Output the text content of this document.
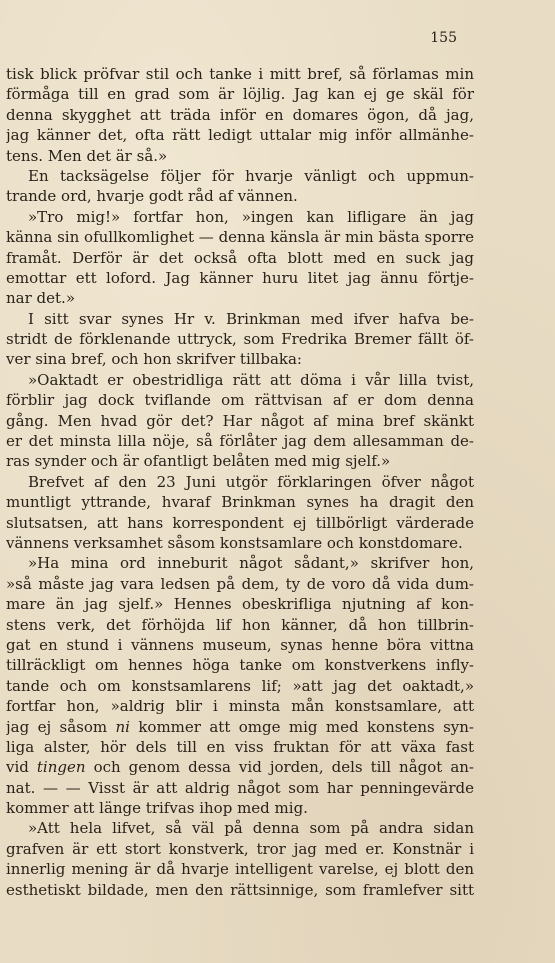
155
tisk blick pröfvar stil och tanke i mitt bref, så förlamas min
förmåga till en grad som är löjlig. Jag kan ej ge skäl för
denna skygghet att träda inför en domares ögon, då jag,
jag känner det, ofta rätt ledigt uttalar mig inför allmänhe-
tens. Men det är så.»
En tacksägelse följer för hvarje vänligt och uppmun-
trande ord, hvarje godt råd af vännen.
»Tro mig!» fortfar hon, »ingen kan lifligare än jag
känna sin ofullkomlighet — denna känsla är min bästa sporre
framåt. Derför är det också ofta blott med en suck jag
emottar ett loford. Jag känner huru litet jag ännu förtje-
nar det.»
I sitt svar synes Hr v. Brinkman med ifver hafva be-
stridt de förklenande uttryck, som Fredrika Bremer fällt öf-
ver sina bref, och hon skrifver tillbaka:
»Oaktadt er obestridliga rätt att döma i vår lilla tvist,
förblir jag dock tviflande om rättvisan af er dom denna
gång. Men hvad gör det? Har något af mina bref skänkt
er det minsta lilla nöje, så förlåter jag dem allesamman de-
ras synder och är ofantligt belåten med mig sjelf.»
Brefvet af den 23 Juni utgör förklaringen öfver något
muntligt yttrande, hvaraf Brinkman synes ha dragit den
slutsatsen, att hans korrespondent ej tillbörligt värderade
vännens verksamhet såsom konstsamlare och konstdomare.
»Ha mina ord inneburit något sådant,» skrifver hon,
»så måste jag vara ledsen på dem, ty de voro då vida dum-
mare än jag sjelf.» Hennes obeskrifliga njutning af kon-
stens verk, det förhöjda lif hon känner, då hon tillbrin-
gat en stund i vännens museum, synas henne böra vittna
tillräckligt om hennes höga tanke om konstverkens infly-
tande och om konstsamlarens lif; »att jag det oaktadt,»
fortfar hon, »aldrig blir i minsta mån konstsamlare, att
jag ej såsom ni kommer att omge mig med konstens syn-
liga alster, hör dels till en viss fruktan för att växa fast
vid tingen och genom dessa vid jorden, dels till något an-
nat. — — Visst är att aldrig något som har penningevärde
kommer att länge trifvas ihop med mig.
»Att hela lifvet, så väl på denna som på andra sidan
grafven är ett stort konstverk, tror jag med er. Konstnär i
innerlig mening är då hvarje intelligent varelse, ej blott den
esthetiskt bildade, men den rättsinnige, som framlefver sitt
